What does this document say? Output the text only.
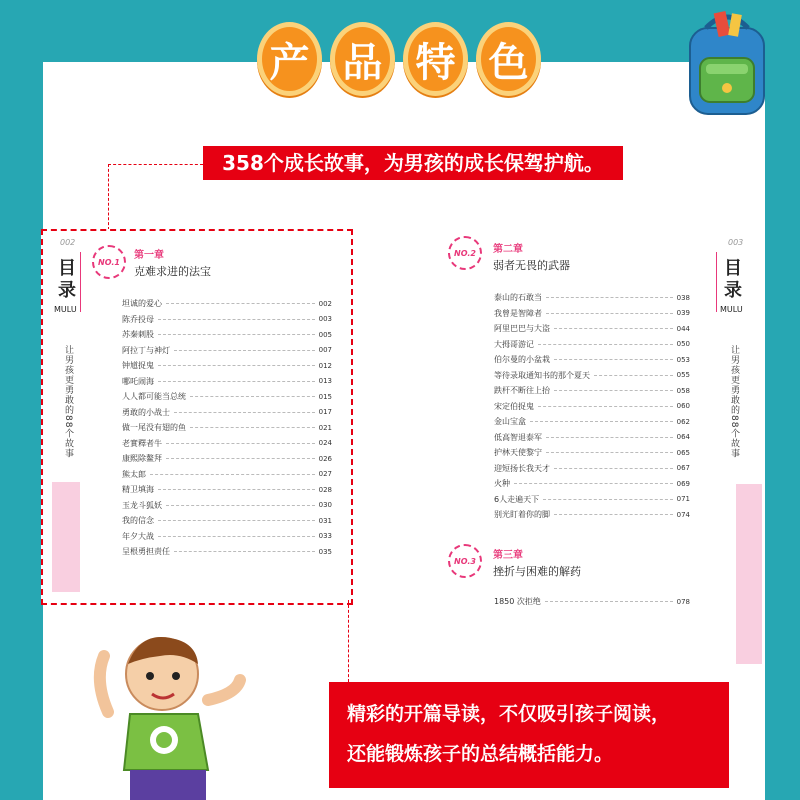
产 品 特 色
358个成长故事，为男孩的成长保驾护航。
002
目录
MULU
让男孩更勇敢的88个故事
NO.1
第一章
克难求进的法宝
坦诚的爱心	002
陈乔投母	003
苏秦刺股	005
阿拉丁与神灯	007
钟馗捉鬼	012
哪吒闹海	013
人人都可能当总统	015
勇敢的小战士	017
做一尾没有翅的鱼	021
老實釋者牛	024
康熙除鳌拜	026
熊太郎	027
精卫填海	028
玉龙斗狐妖	030
我的信念	031
年夕大战	033
呈根勇担责任	035
NO.2	第二章
弱者无畏的武器
泰山的石敢当	038
我曾是智障者	039
阿里巴巴与大盗	044
大拇哥游记	050
伯尔曼的小盆栽	053
等待录取通知书的那个夏天	055
跌杆不断往上抬	058
宋定伯捉鬼	060
金山宝盒	062
低高智退泰军	064
护林天使黎宁	065
迎短扬长我天才	067
火种	069
6人走遍天下	071
别光盯着你的脚	074
NO.3	第三章
挫折与困难的解药
1850 次拒绝	078
003
目录
MULU
让男孩更勇敢的88个故事
精彩的开篇导读，不仅吸引孩子阅读，
还能锻炼孩子的总结概括能力。
